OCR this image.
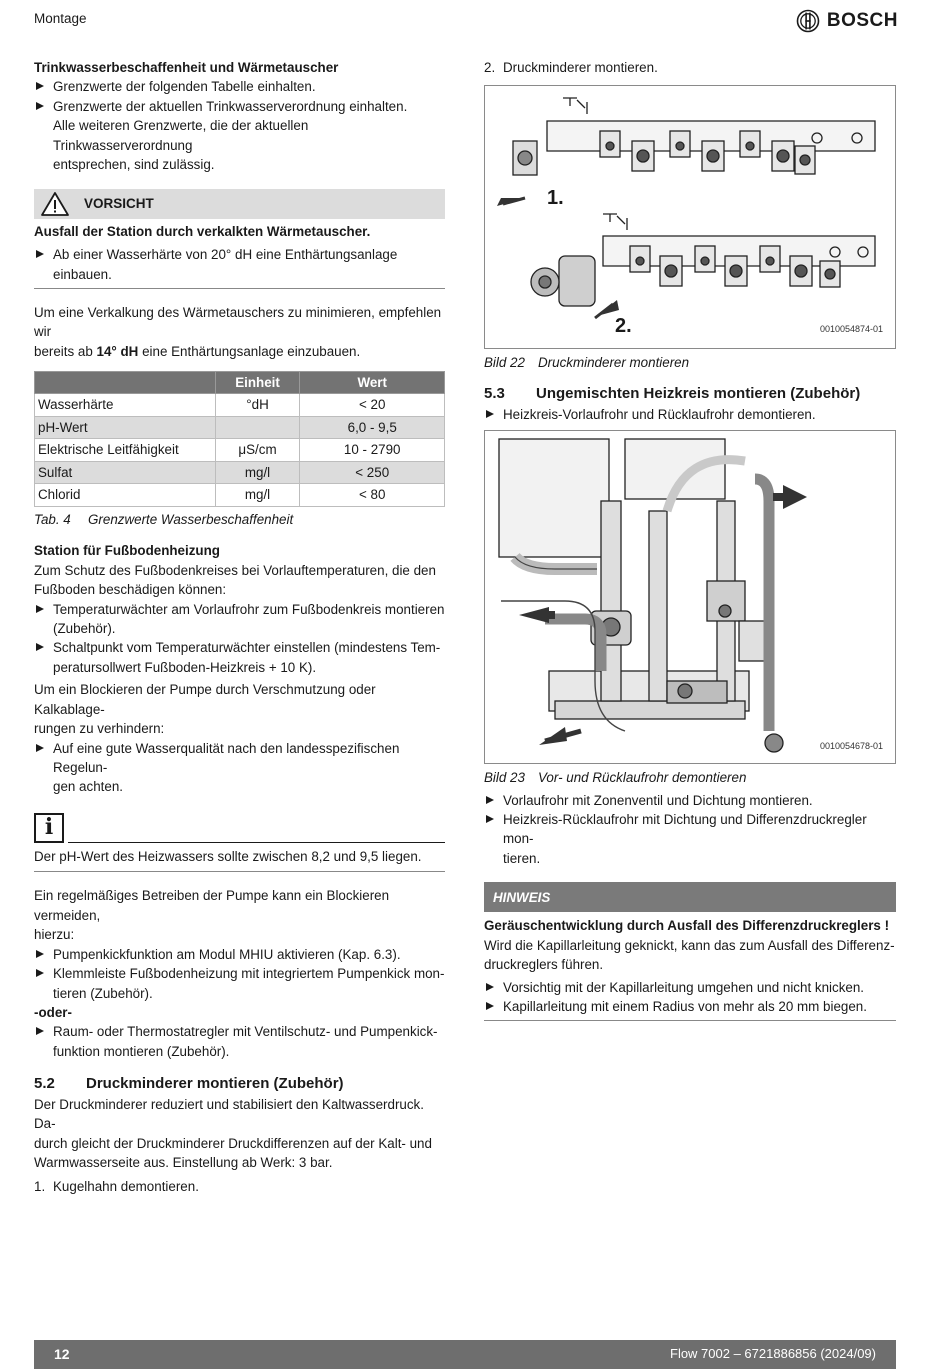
Montage	BOSCH
Trinkwasserbeschaffenheit und Wärmetauscher
Grenzwerte der folgenden Tabelle einhalten.
Grenzwerte der aktuellen Trinkwasserverordnung einhalten.
Alle weiteren Grenzwerte, die der aktuellen Trinkwasserverordnung
entsprechen, sind zulässig.
VORSICHT
Ausfall der Station durch verkalkten Wärmetauscher.
Ab einer Wasserhärte von 20° dH eine Enthärtungsanlage einbauen.
Um eine Verkalkung des Wärmetauschers zu minimieren, empfehlen wir
bereits ab 14° dH eine Enthärtungsanlage einzubauen.
	Einheit	Wert
Wasserhärte	°dH	< 20
pH-Wert		6,0 - 9,5
Elektrische Leitfähigkeit	μS/cm	10 - 2790
Sulfat	mg/l	< 250
Chlorid	mg/l	< 80
Tab. 4 Grenzwerte Wasserbeschaffenheit
Station für Fußbodenheizung
Zum Schutz des Fußbodenkreises bei Vorlauftemperaturen, die den
Fußboden beschädigen können:
Temperaturwächter am Vorlaufrohr zum Fußbodenkreis montieren
(Zubehör).
Schaltpunkt vom Temperaturwächter einstellen (mindestens Tem-
peratursollwert Fußboden-Heizkreis + 10 K).
Um ein Blockieren der Pumpe durch Verschmutzung oder Kalkablage-
rungen zu verhindern:
Auf eine gute Wasserqualität nach den landesspezifischen Regelun-
gen achten.
i
Der pH-Wert des Heizwassers sollte zwischen 8,2 und 9,5 liegen.
Ein regelmäßiges Betreiben der Pumpe kann ein Blockieren vermeiden,
hierzu:
Pumpenkickfunktion am Modul MHIU aktivieren (Kap. 6.3).
Klemmleiste Fußbodenheizung mit integriertem Pumpenkick mon-
tieren (Zubehör).
-oder-
Raum- oder Thermostatregler mit Ventilschutz- und Pumpenkick-
funktion montieren (Zubehör).
5.2 Druckminderer montieren (Zubehör)
Der Druckminderer reduziert und stabilisiert den Kaltwasserdruck. Da-
durch gleicht der Druckminderer Druckdifferenzen auf der Kalt- und
Warmwasserseite aus. Einstellung ab Werk: 3 bar.
1. Kugelhahn demontieren.
2. Druckminderer montieren.
1.
2.	0010054874-01
Bild 22 Druckminderer montieren
5.3 Ungemischten Heizkreis montieren (Zubehör)
Heizkreis-Vorlaufrohr und Rücklaufrohr demontieren.
0010054678-01
Bild 23 Vor- und Rücklaufrohr demontieren
Vorlaufrohr mit Zonenventil und Dichtung montieren.
Heizkreis-Rücklaufrohr mit Dichtung und Differenzdruckregler mon-
tieren.
HINWEIS
Geräuschentwicklung durch Ausfall des Differenzdruckreglers !
Wird die Kapillarleitung geknickt, kann das zum Ausfall des Differenz-
druckreglers führen.
Vorsichtig mit der Kapillarleitung umgehen und nicht knicken.
Kapillarleitung mit einem Radius von mehr als 20 mm biegen.
12	Flow 7002 – 6721886856 (2024/09)
